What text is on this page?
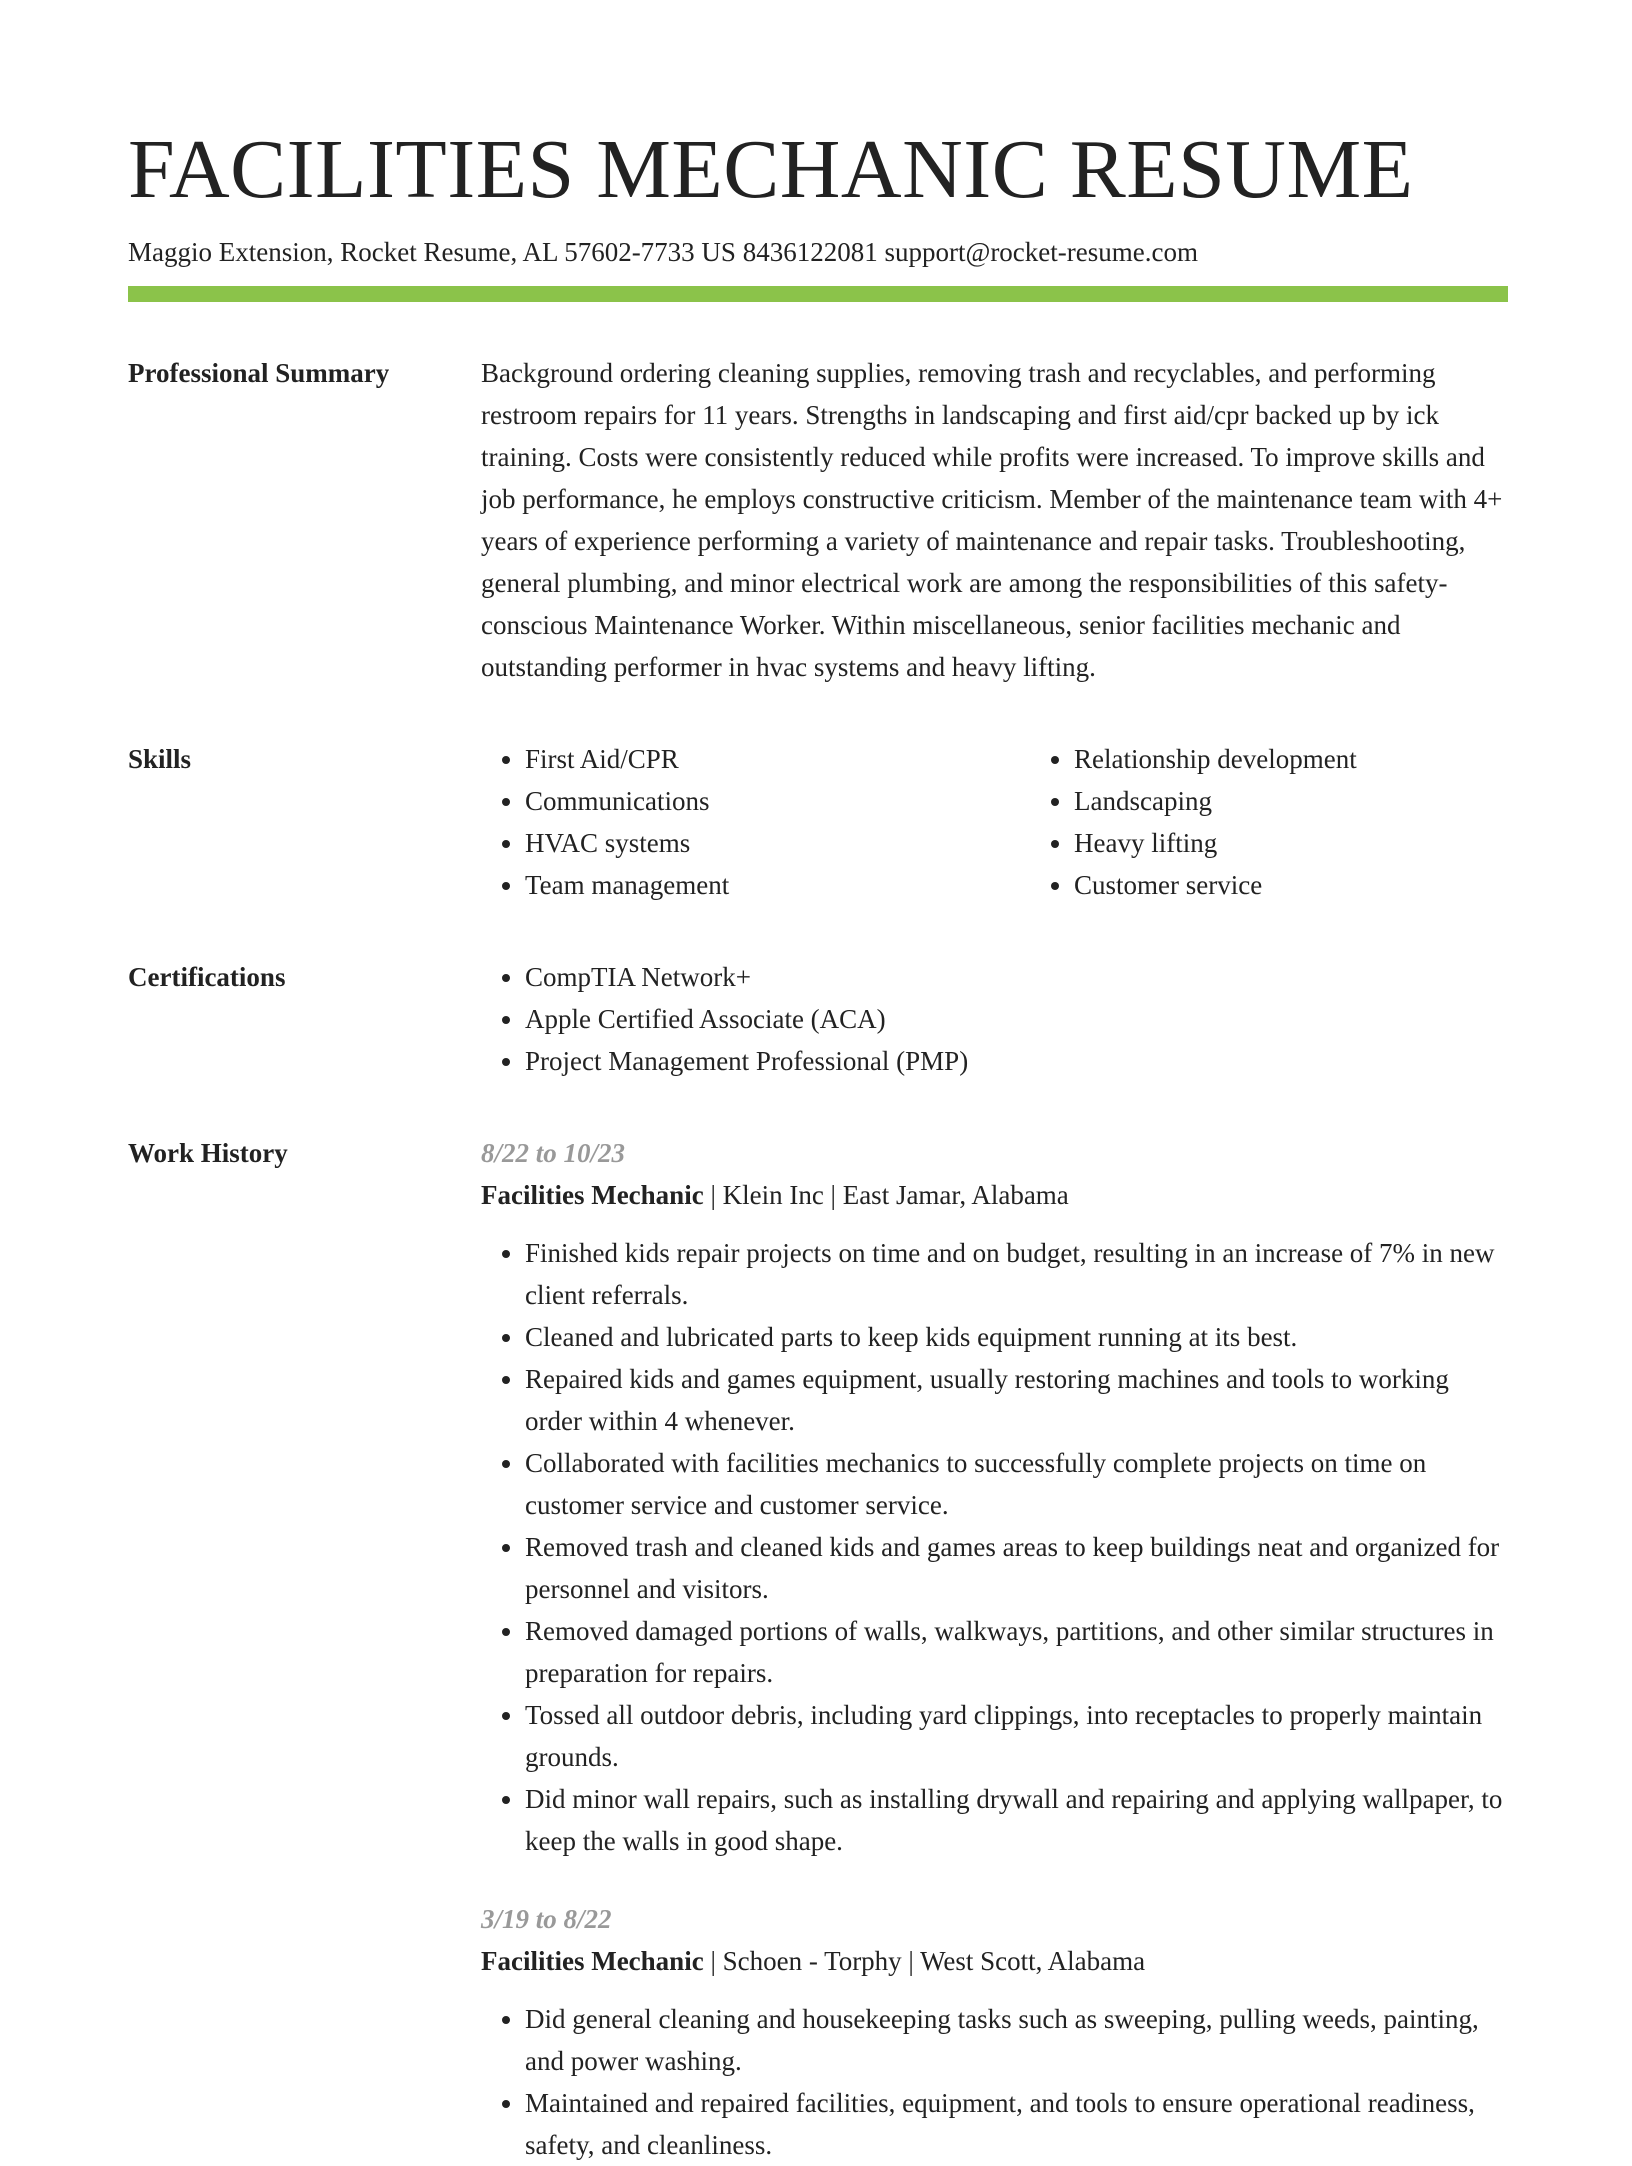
FACILITIES MECHANIC RESUME
Maggio Extension, Rocket Resume, AL 57602-7733 US 8436122081 support@rocket-resume.com
Professional Summary	Background ordering cleaning supplies, removing trash and recyclables, and performing restroom repairs for 11 years. Strengths in landscaping and first aid/cpr backed up by ick training. Costs were consistently reduced while profits were increased. To improve skills and job performance, he employs constructive criticism. Member of the maintenance team with 4+ years of experience performing a variety of maintenance and repair tasks. Troubleshooting, general plumbing, and minor electrical work are among the responsibilities of this safety-conscious Maintenance Worker. Within miscellaneous, senior facilities mechanic and outstanding performer in hvac systems and heavy lifting.

Skills	• First Aid/CPR
• Communications
• HVAC systems
• Team management
• Relationship development
• Landscaping
• Heavy lifting
• Customer service
Certifications	• CompTIA Network+
• Apple Certified Associate (ACA)
• Project Management Professional (PMP)
Work History	8/22 to 10/23
Facilities Mechanic | Klein Inc | East Jamar, Alabama
• Finished kids repair projects on time and on budget, resulting in an increase of 7% in new client referrals.
• Cleaned and lubricated parts to keep kids equipment running at its best.
• Repaired kids and games equipment, usually restoring machines and tools to working order within 4 whenever.
• Collaborated with facilities mechanics to successfully complete projects on time on customer service and customer service.
• Removed trash and cleaned kids and games areas to keep buildings neat and organized for personnel and visitors.
• Removed damaged portions of walls, walkways, partitions, and other similar structures in preparation for repairs.
• Tossed all outdoor debris, including yard clippings, into receptacles to properly maintain grounds.
• Did minor wall repairs, such as installing drywall and repairing and applying wallpaper, to keep the walls in good shape.
3/19 to 8/22
Facilities Mechanic | Schoen - Torphy | West Scott, Alabama
• Did general cleaning and housekeeping tasks such as sweeping, pulling weeds, painting, and power washing.
• Maintained and repaired facilities, equipment, and tools to ensure operational readiness, safety, and cleanliness.
